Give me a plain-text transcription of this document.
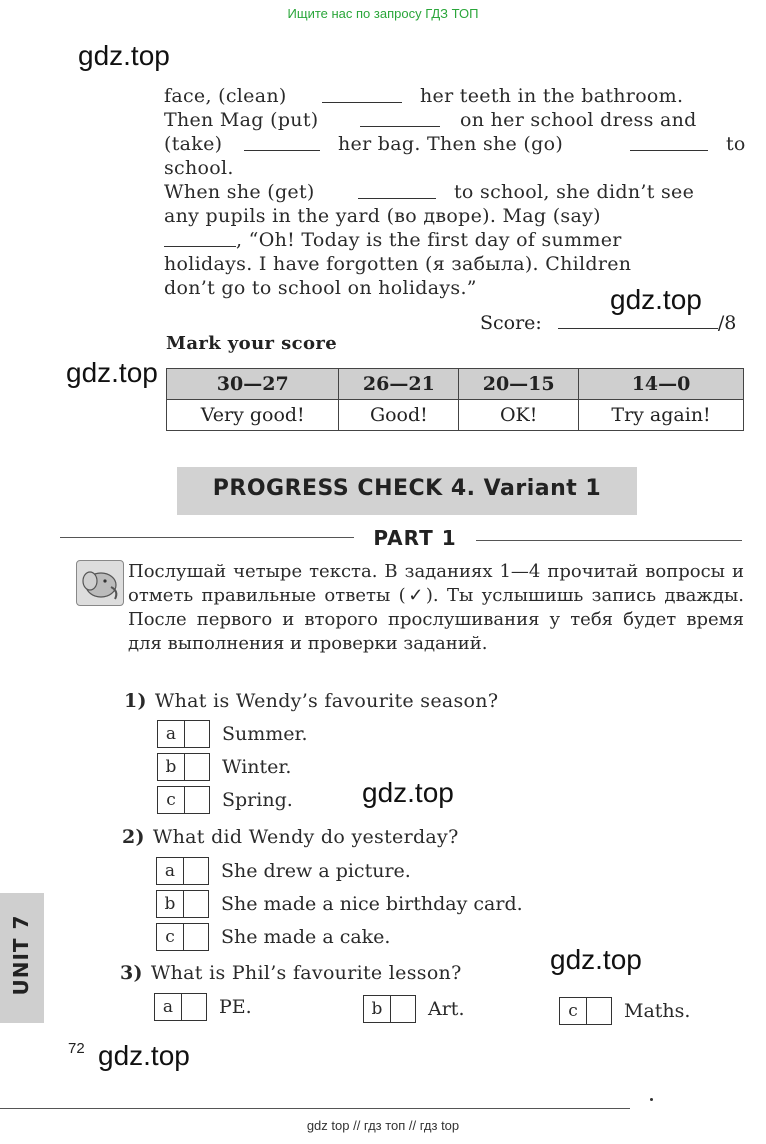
Ищите нас по запросу ГДЗ ТОП
gdz.top
gdz.top
gdz.top
gdz.top
gdz.top
gdz.top
face, (clean)	her teeth in the bathroom.
Then Mag (put)	on her school dress and
(take)	her bag. Then she (go)	to
school.
When she (get)	to school, she didn’t see
any pupils in the yard (во дворе). Mag (say)
, “Oh! Today is the first day of summer
holidays. I have forgotten (я забыла). Children
don’t go to school on holidays.”
Score:	/8
Mark your score
30—27	26—21	20—15	14—0
Very good!	Good!	OK!	Try again!
PROGRESS CHECK 4. Variant 1
PART 1
Послушай четыре текста. В заданиях 1—4 прочитай вопросы и отметь правильные ответы (✓). Ты услышишь запись дважды. После первого и второго прослушивания у тебя будет время для выполнения и проверки заданий.
1) What is Wendy’s favourite season?
a	Summer.
b	Winter.
c	Spring.
2) What did Wendy do yesterday?
a	She drew a picture.
b	She made a nice birthday card.
c	She made a cake.
3) What is Phil’s favourite lesson?
a	PE.	b	Art.	c	Maths.
UNIT 7
72
gdz top // гдз топ // гдз top
